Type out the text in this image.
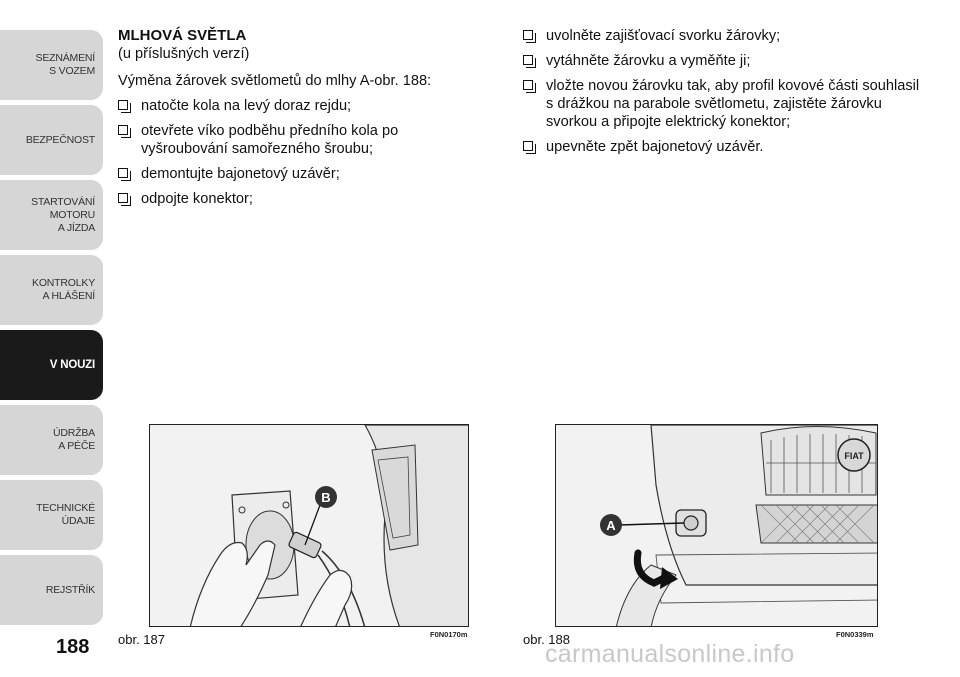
SEZNÁMENÍ
S VOZEM
BEZPEČNOST
STARTOVÁNÍ
MOTORU
A JÍZDA
KONTROLKY
A HLÁŠENÍ
V NOUZI
ÚDRŽBA
A PÉČE
TECHNICKÉ
ÚDAJE
REJSTŘÍK
188

MLHOVÁ SVĚTLA

(u příslušných verzí)

Výměna žárovek světlometů do mlhy A-obr. 188:

natočte kola na levý doraz rejdu;
otevřete víko podběhu předního kola po vyšroubování samořezného šroubu;
demontujte bajonetový uzávěr;
odpojte konektor;
uvolněte zajišťovací svorku žárovky;
vytáhněte žárovku a vyměňte ji;
vložte novou žárovku tak, aby profil kovové části souhlasil s drážkou na parabole světlometu, zajistěte žárovku svorkou a připojte elektrický konektor;
upevněte zpět bajonetový uzávěr.
B
obr. 187	F0N0170m
FIAT
A
obr. 188	F0N0339m
carmanualsonline.info
